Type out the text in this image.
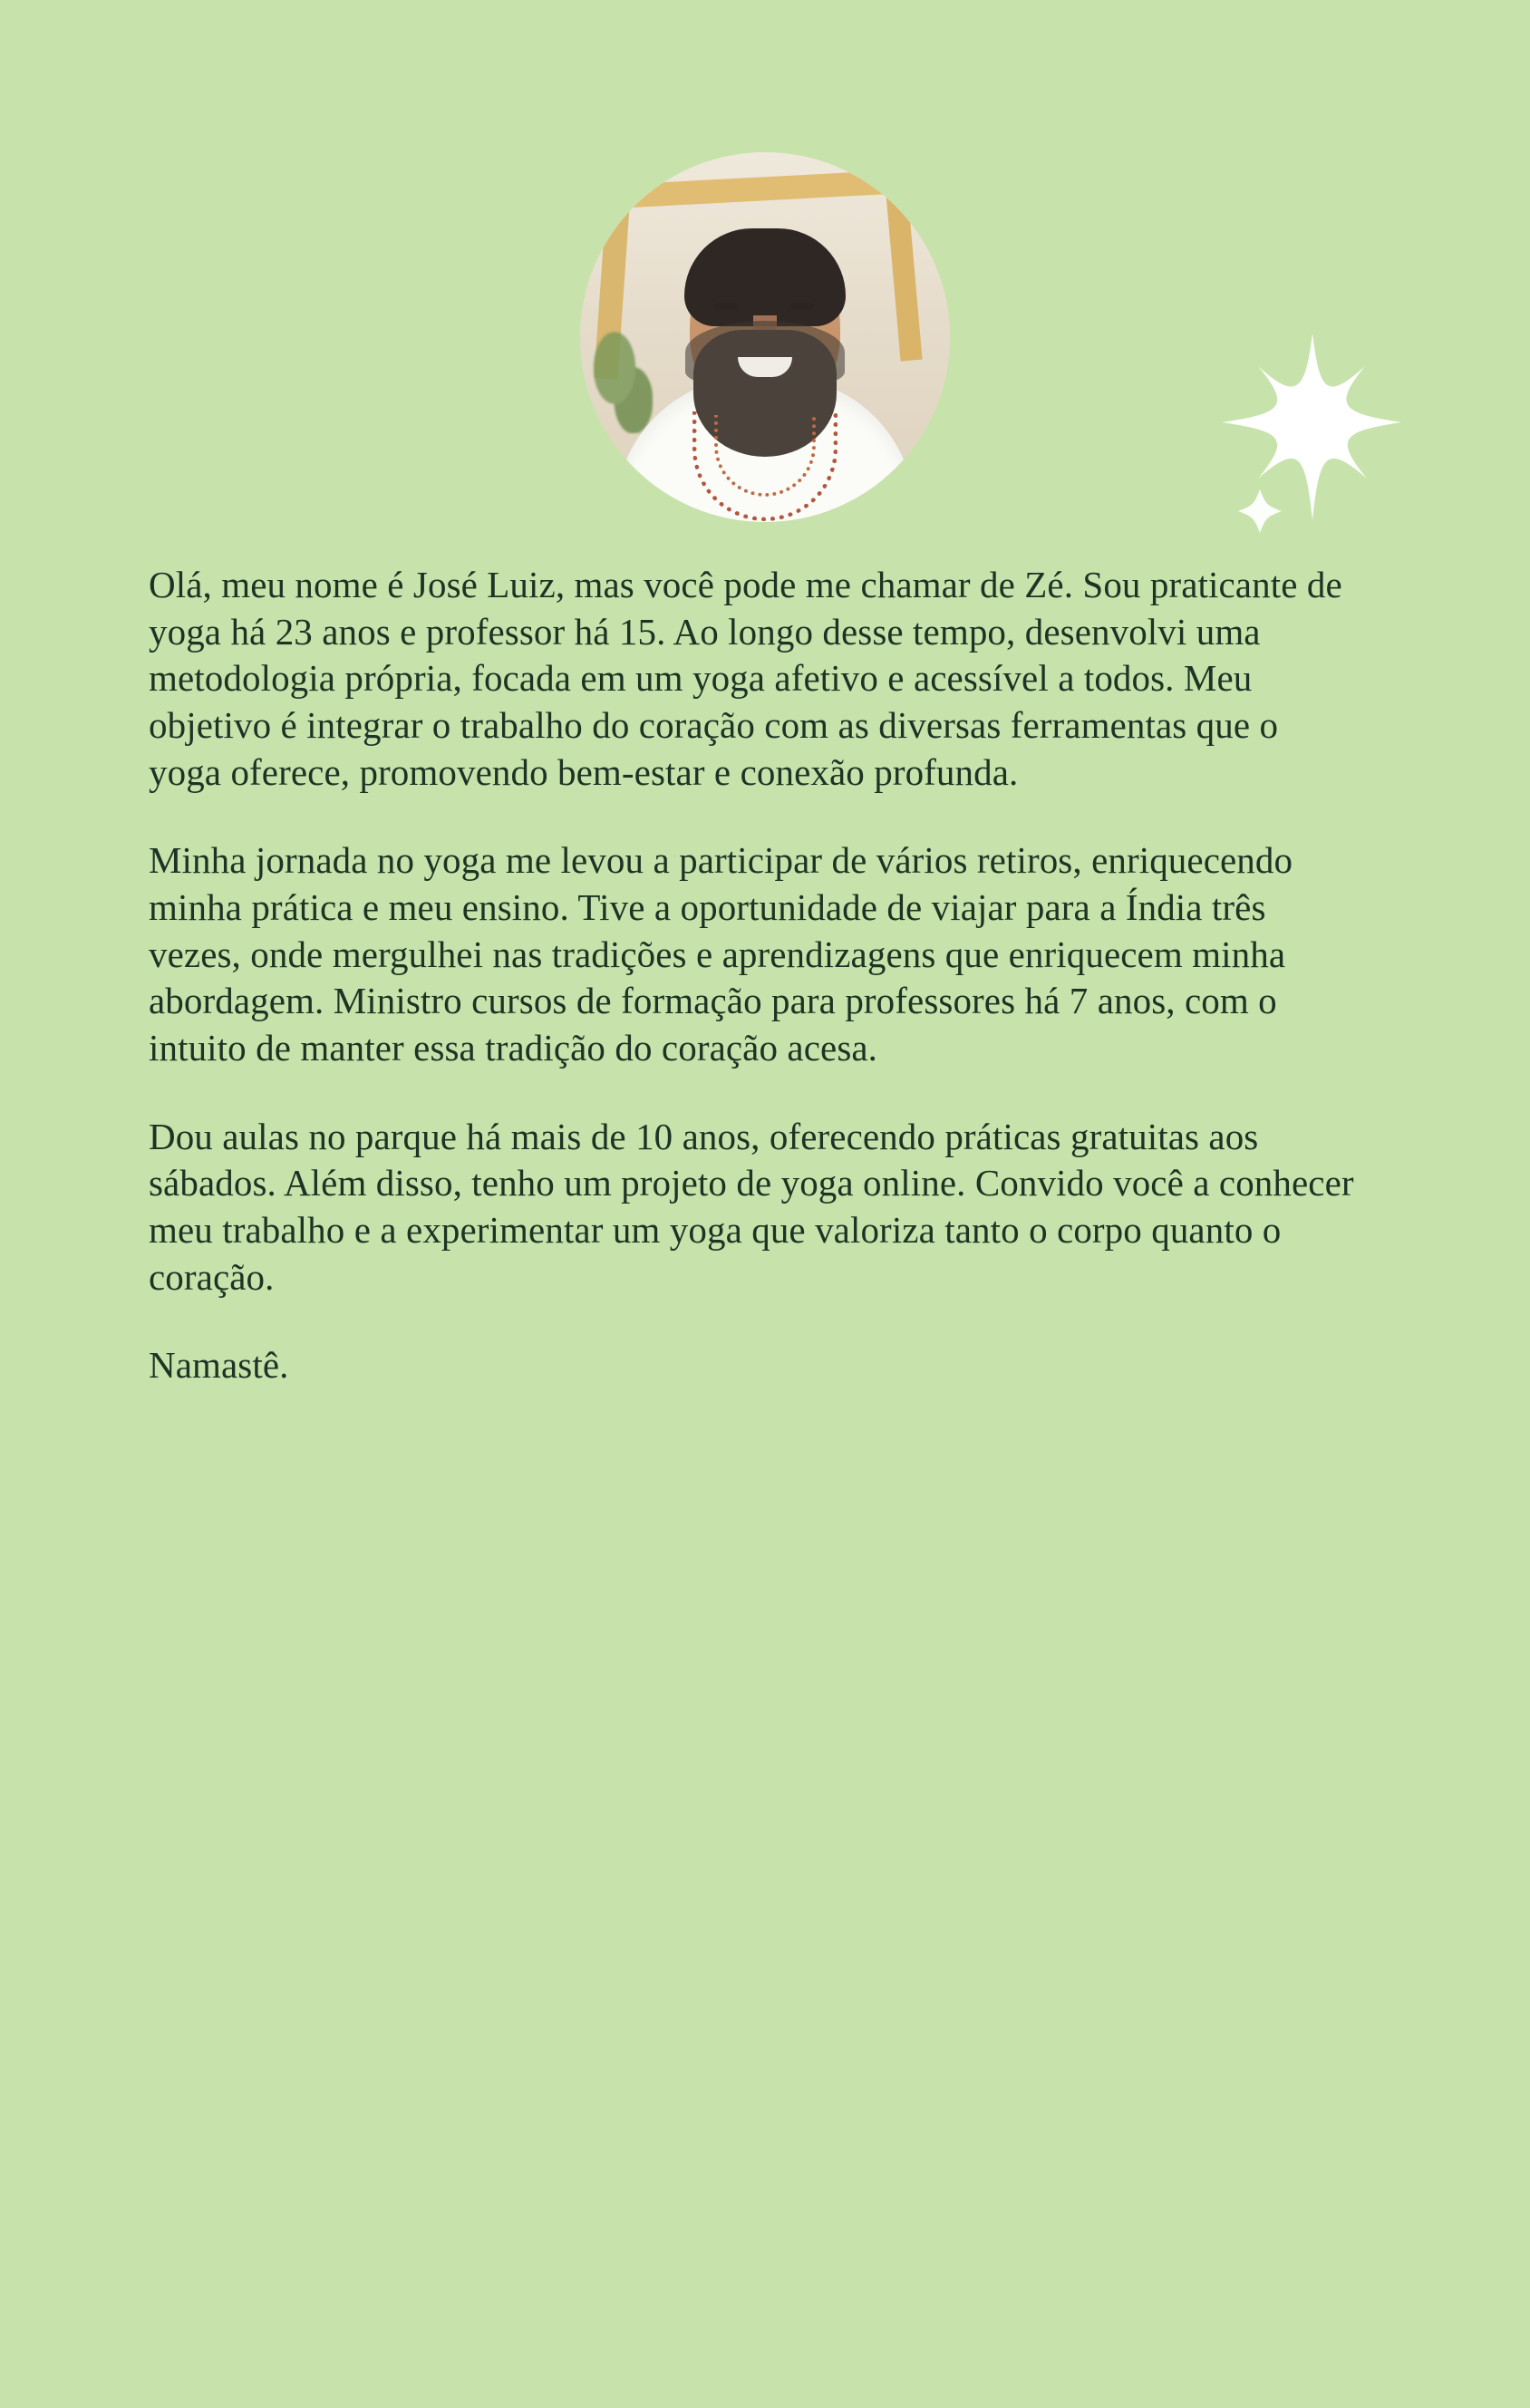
Olá, meu nome é José Luiz, mas você pode me chamar de Zé. Sou praticante de yoga há 23 anos e professor há 15. Ao longo desse tempo, desenvolvi uma metodologia própria, focada em um yoga afetivo e acessível a todos. Meu objetivo é integrar o trabalho do coração com as diversas ferramentas que o yoga oferece, promovendo bem-estar e conexão profunda.

Minha jornada no yoga me levou a participar de vários retiros, enriquecendo minha prática e meu ensino. Tive a oportunidade de viajar para a Índia três vezes, onde mergulhei nas tradições e aprendizagens que enriquecem minha abordagem. Ministro cursos de formação para professores há 7 anos, com o intuito de manter essa tradição do coração acesa.

Dou aulas no parque há mais de 10 anos, oferecendo práticas gratuitas aos sábados. Além disso, tenho um projeto de yoga online. Convido você a conhecer meu trabalho e a experimentar um yoga que valoriza tanto o corpo quanto o coração.

Namastê.
